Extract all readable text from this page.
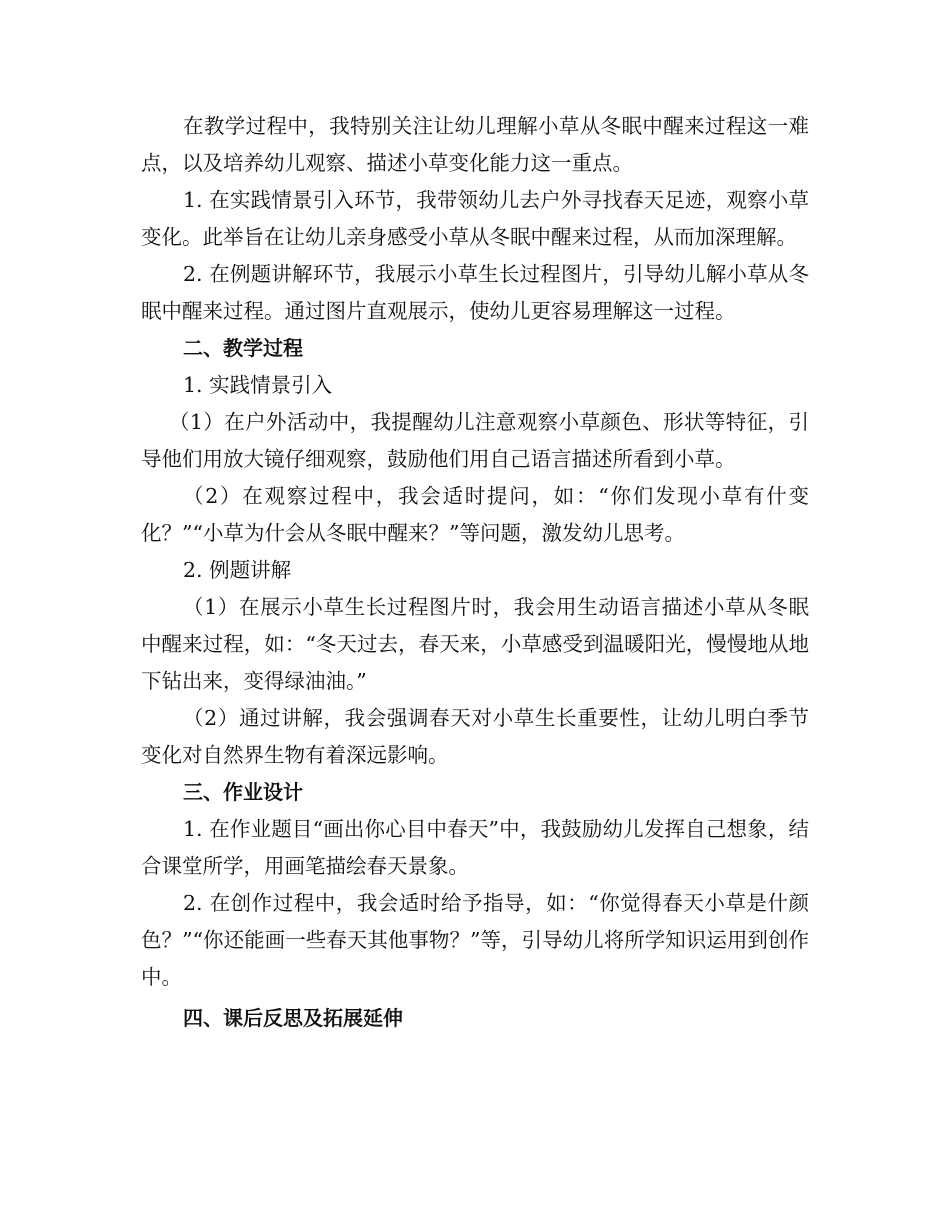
在教学过程中，我特别关注让幼儿理解小草从冬眠中醒来过程这一难点，以及培养幼儿观察、描述小草变化能力这一重点。

1. 在实践情景引入环节，我带领幼儿去户外寻找春天足迹，观察小草变化。此举旨在让幼儿亲身感受小草从冬眠中醒来过程，从而加深理解。

2. 在例题讲解环节，我展示小草生长过程图片，引导幼儿解小草从冬眠中醒来过程。通过图片直观展示，使幼儿更容易理解这一过程。

二、教学过程

1. 实践情景引入

（1）在户外活动中，我提醒幼儿注意观察小草颜色、形状等特征，引导他们用放大镜仔细观察，鼓励他们用自己语言描述所看到小草。

（2）在观察过程中，我会适时提问，如：“你们发现小草有什变化？”“小草为什会从冬眠中醒来？”等问题，激发幼儿思考。

2. 例题讲解

（1）在展示小草生长过程图片时，我会用生动语言描述小草从冬眠中醒来过程，如：“冬天过去，春天来，小草感受到温暖阳光，慢慢地从地下钻出来，变得绿油油。”

（2）通过讲解，我会强调春天对小草生长重要性，让幼儿明白季节变化对自然界生物有着深远影响。

三、作业设计

1. 在作业题目“画出你心目中春天”中，我鼓励幼儿发挥自己想象，结合课堂所学，用画笔描绘春天景象。

2. 在创作过程中，我会适时给予指导，如：“你觉得春天小草是什颜色？”“你还能画一些春天其他事物？”等，引导幼儿将所学知识运用到创作中。

四、课后反思及拓展延伸
